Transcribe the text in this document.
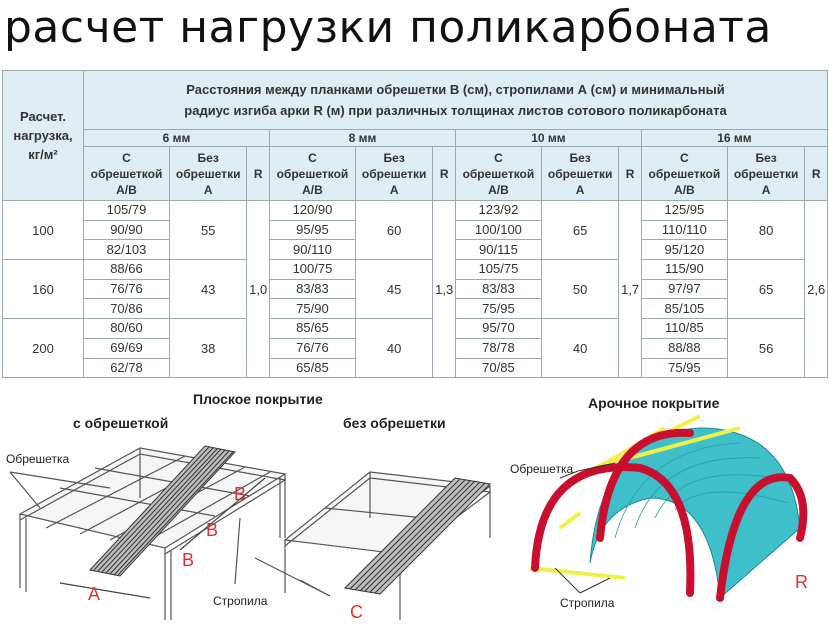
расчет нагрузки поликарбоната
Расчет.
нагрузка,
кг/м²	Расстояния между планками обрешетки В (см), стропилами А (см) и минимальный
радиус изгиба арки R (м) при различных толщинах листов сотового поликарбоната											
	6 мм			8 мм			10 мм			16 мм		
	С
обрешеткой
A/B	Без
обрешетки
A	R	С
обрешеткой
A/B	Без
обрешетки
A	R	С
обрешеткой
A/B	Без
обрешетки
A	R	С
обрешеткой
A/B	Без
обрешетки
A	R
100	105/79	55	1,0	120/90	60	1,3	123/92	65	1,7	125/95	80	2,6
	90/90			95/95			100/100			110/110		
	82/103			90/110			90/115			95/120		
160	88/66	43		100/75	45		105/75	50		115/90	65	
	76/76			83/83			83/83			97/97		
	70/86			75/90			75/95			85/105		
200	80/60	38		85/65	40		95/70	40		110/85	56	
	69/69			76/76			78/78			88/88		
	62/78			65/85			70/85			75/95		
Плоское покрытие
с обрешеткой	без обрешетки
Арочное покрытие
A
B
B
B
C
R
Обрешетка
Стропила
Обрешетка
Стропила
